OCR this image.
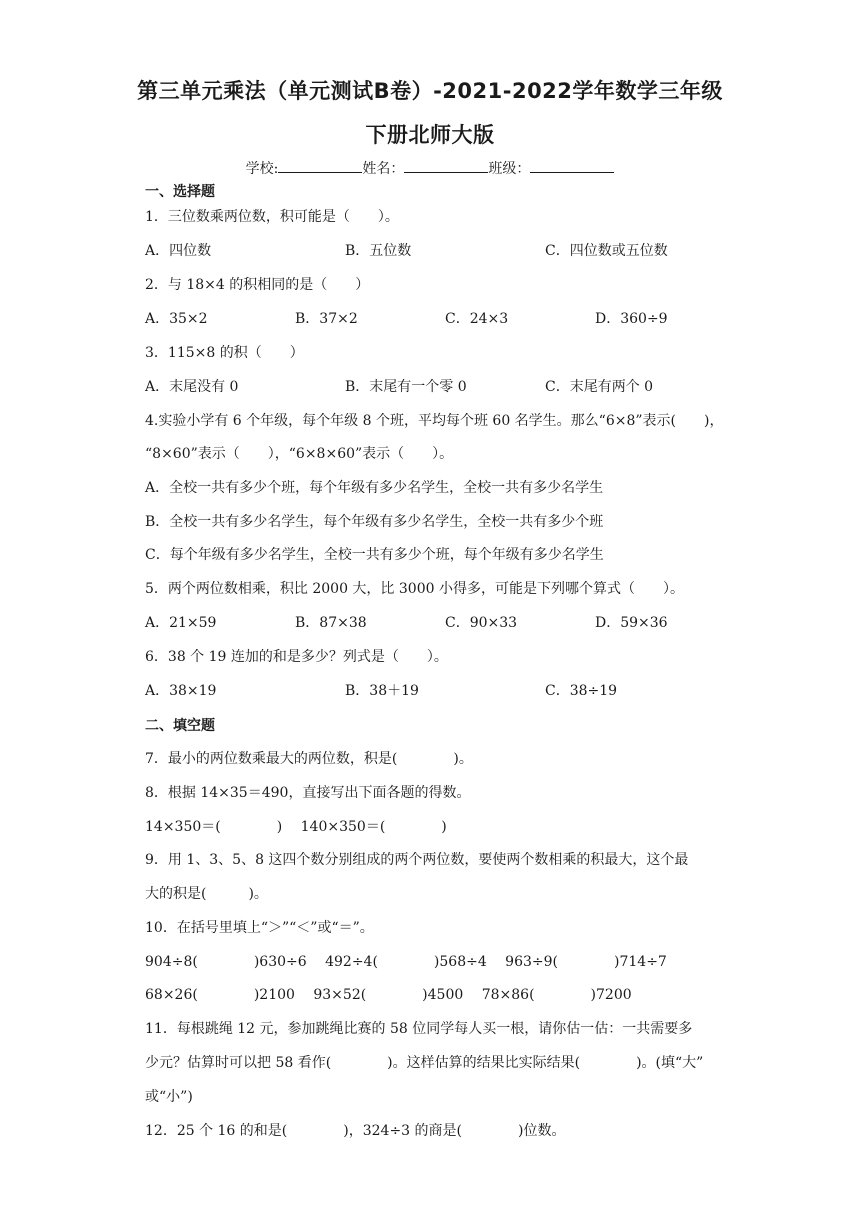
第三单元乘法（单元测试B卷）-2021-2022学年数学三年级
下册北师大版
学校:	姓名：	班级：
一、选择题
1．三位数乘两位数，积可能是（　　）。
A．四位数	B．五位数	C．四位数或五位数
2．与 18×4 的积相同的是（　　）
A．35×2	B．37×2	C．24×3	D．360÷9
3．115×8 的积（　　）
A．末尾没有 0	B．末尾有一个零 0	C．末尾有两个 0
4.实验小学有 6 个年级，每个年级 8 个班，平均每个班 60 名学生。那么“6×8”表示(　　)，
“8×60”表示（　　），“6×8×60”表示（　　）。
A．全校一共有多少个班，每个年级有多少名学生，全校一共有多少名学生
B．全校一共有多少名学生，每个年级有多少名学生，全校一共有多少个班
C．每个年级有多少名学生，全校一共有多少个班，每个年级有多少名学生
5．两个两位数相乘，积比 2000 大，比 3000 小得多，可能是下列哪个算式（　　）。
A．21×59	B．87×38	C．90×33	D．59×36
6．38 个 19 连加的和是多少？列式是（　　）。
A．38×19	B．38＋19	C．38÷19
二、填空题
7．最小的两位数乘最大的两位数，积是(　　　　)。
8．根据 14×35＝490，直接写出下面各题的得数。
14×350＝(　　　　)　 140×350＝(　　　　)
9．用 1、3、5、8 这四个数分别组成的两个两位数，要使两个数相乘的积最大，这个最
大的积是(　　　)。
10．在括号里填上“＞”“＜”或“＝”。
904÷8(　　　　)630÷6　 492÷4(　　　　)568÷4　 963÷9(　　　　)714÷7
68×26(　　　　)2100　 93×52(　　　　)4500　 78×86(　　　　)7200
11．每根跳绳 12 元，参加跳绳比赛的 58 位同学每人买一根，请你估一估：一共需要多
少元？估算时可以把 58 看作(　　　　)。这样估算的结果比实际结果(　　　　)。(填“大”
或“小”)
12．25 个 16 的和是(　　　　)，324÷3 的商是(　　　　)位数。
